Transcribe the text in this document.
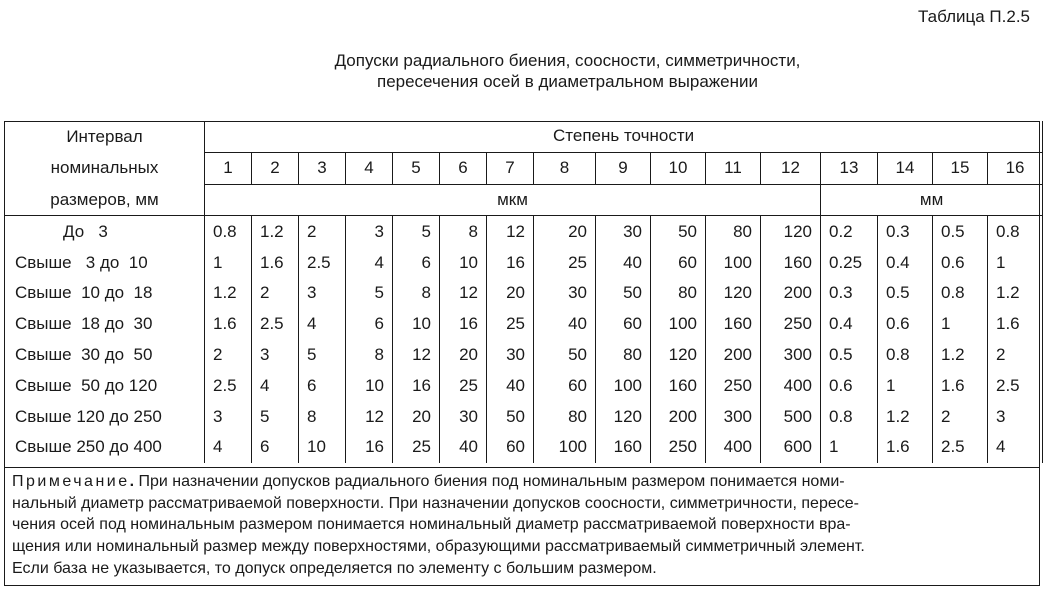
Таблица П.2.5
Допуски радиального биения, соосности, симметричности,
пересечения осей в диаметральном выражении
Интервал	Степень точности															
номинальных	1	2	3	4	5	6	7	8	9	10	11	12	13	14	15	16
размеров, мм	мкм												мм			
До   3	0.8	1.2	2	3	5	8	12	20	30	50	80	120	0.2	0.3	0.5	0.8
Свыше   3 до  10	1	1.6	2.5	4	6	10	16	25	40	60	100	160	0.25	0.4	0.6	1
Свыше  10 до  18	1.2	2	3	5	8	12	20	30	50	80	120	200	0.3	0.5	0.8	1.2
Свыше  18 до  30	1.6	2.5	4	6	10	16	25	40	60	100	160	250	0.4	0.6	1	1.6
Свыше  30 до  50	2	3	5	8	12	20	30	50	80	120	200	300	0.5	0.8	1.2	2
Свыше  50 до 120	2.5	4	6	10	16	25	40	60	100	160	250	400	0.6	1	1.6	2.5
Свыше 120 до 250	3	5	8	12	20	30	50	80	120	200	300	500	0.8	1.2	2	3
Свыше 250 до 400	4	6	10	16	25	40	60	100	160	250	400	600	1	1.6	2.5	4
Примечание. При назначении допусков радиального биения под номинальным размером понимается номи-
нальный диаметр рассматриваемой поверхности. При назначении допусков соосности, симметричности, пересе-
чения осей под номинальным размером понимается номинальный диаметр рассматриваемой поверхности вра-
щения или номинальный размер между поверхностями, образующими рассматриваемый симметричный элемент.
Если база не указывается, то допуск определяется по элементу с большим размером.
